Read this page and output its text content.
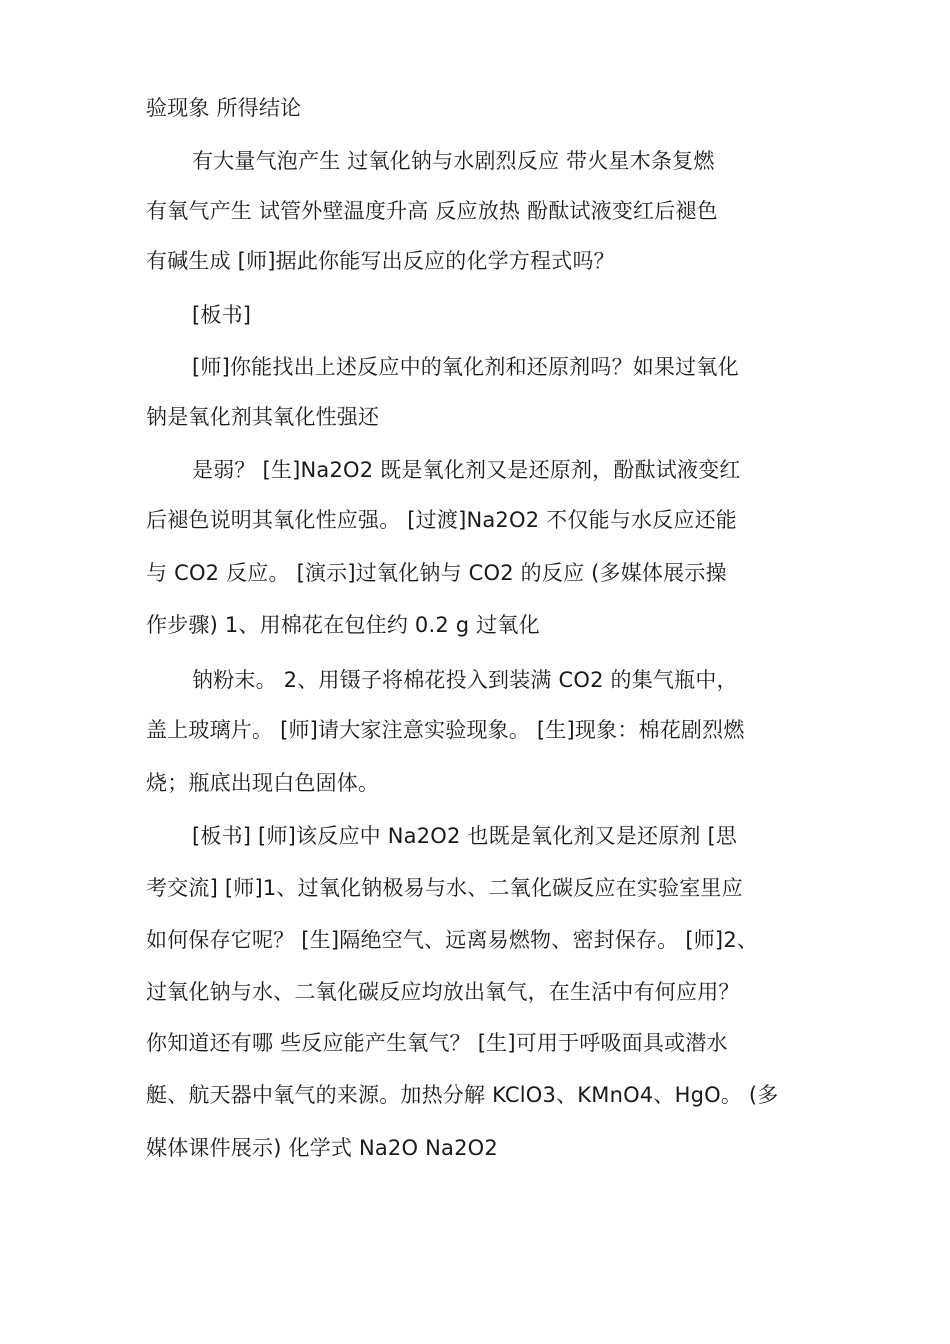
验现象 所得结论
有大量气泡产生 过氧化钠与水剧烈反应 带火星木条复燃
有氧气产生 试管外壁温度升高 反应放热 酚酞试液变红后褪色
有碱生成 [师]据此你能写出反应的化学方程式吗？
[板书]
[师]你能找出上述反应中的氧化剂和还原剂吗？如果过氧化
钠是氧化剂其氧化性强还
是弱？ [生]Na2O2 既是氧化剂又是还原剂，酚酞试液变红
后褪色说明其氧化性应强。 [过渡]Na2O2 不仅能与水反应还能
与 CO2 反应。 [演示]过氧化钠与 CO2 的反应 (多媒体展示操
作步骤) 1、用棉花在包住约 0.2 g 过氧化
钠粉末。 2、用镊子将棉花投入到装满 CO2 的集气瓶中，
盖上玻璃片。 [师]请大家注意实验现象。 [生]现象：棉花剧烈燃
烧；瓶底出现白色固体。
[板书] [师]该反应中 Na2O2 也既是氧化剂又是还原剂 [思
考交流] [师]1、过氧化钠极易与水、二氧化碳反应在实验室里应
如何保存它呢？ [生]隔绝空气、远离易燃物、密封保存。 [师]2、
过氧化钠与水、二氧化碳反应均放出氧气，在生活中有何应用？
你知道还有哪 些反应能产生氧气？ [生]可用于呼吸面具或潜水
艇、航天器中氧气的来源。加热分解 KClO3、KMnO4、HgO。 (多
媒体课件展示) 化学式 Na2O Na2O2
